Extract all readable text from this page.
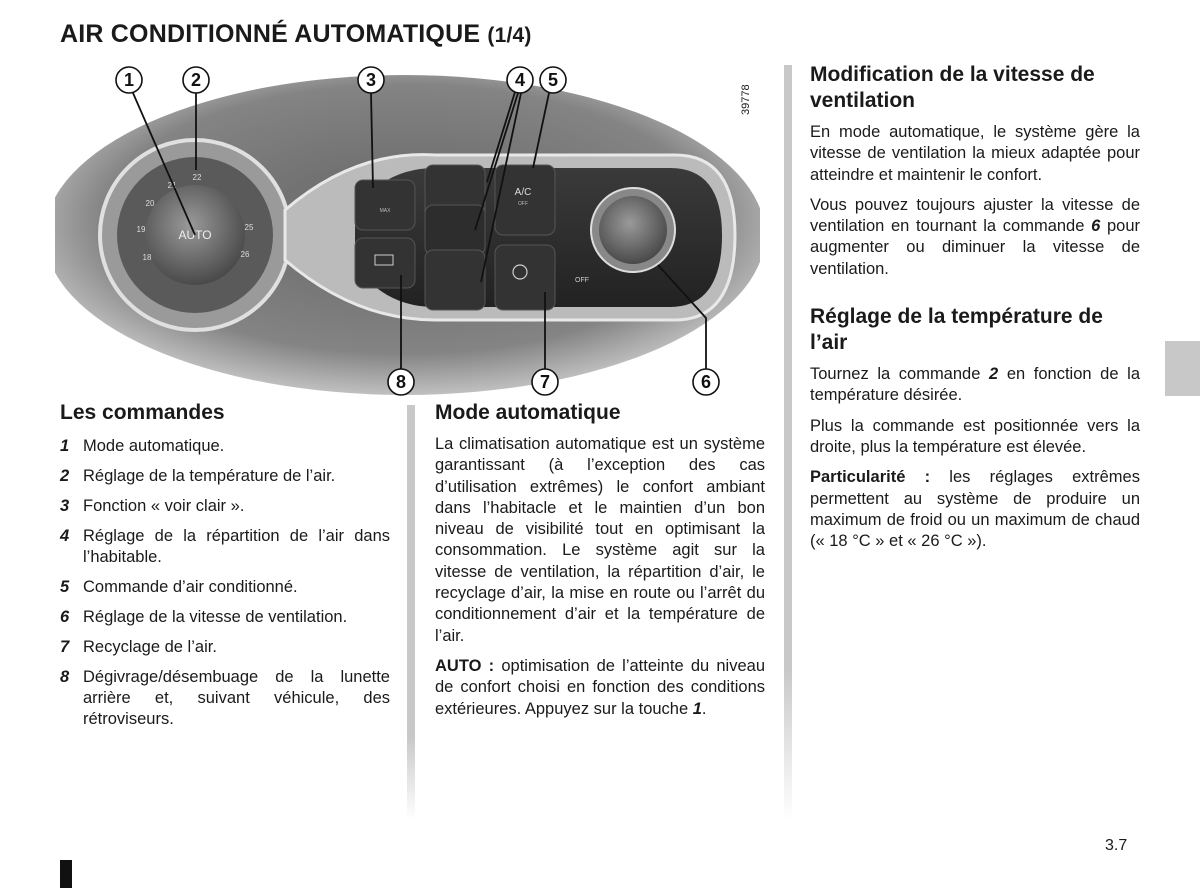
AIR CONDITIONNÉ AUTOMATIQUE (1/4)
AUTO
18
19
20
21
22
25
26
A/C
OFF
MAX
OFF
1	2	3	4 5
6
7
8
39778
Les commandes
1 Mode automatique.
2 Réglage de la température de l’air.
3 Fonction « voir clair ».
4 Réglage de la répartition de l’air dans l’habitable.
5 Commande d’air conditionné.
6 Réglage de la vitesse de ventilation.
7 Recyclage de l’air.
8 Dégivrage/désembuage de la lunette arrière et, suivant véhicule, des rétroviseurs.
Mode automatique

La climatisation automatique est un système garantissant (à l’exception des cas d’utilisation extrêmes) le confort ambiant dans l’habitacle et le maintien d’un bon niveau de visibilité tout en optimisant la consommation. Le système agit sur la vitesse de ventilation, la répartition d’air, le recyclage d’air, la mise en route ou l’arrêt du conditionnement d’air et la température de l’air.

AUTO : optimisation de l’atteinte du niveau de confort choisi en fonction des conditions extérieures. Appuyez sur la touche 1.

Modification de la vitesse de ventilation

En mode automatique, le système gère la vitesse de ventilation la mieux adaptée pour atteindre et maintenir le confort.

Vous pouvez toujours ajuster la vitesse de ventilation en tournant la commande 6 pour augmenter ou diminuer la vitesse de ventilation.

Réglage de la température de l’air

Tournez la commande 2 en fonction de la température désirée.

Plus la commande est positionnée vers la droite, plus la température est élevée.

Particularité : les réglages extrêmes permettent au système de produire un maximum de froid ou un maximum de chaud (« 18 °C » et « 26 °C »).

3.7
